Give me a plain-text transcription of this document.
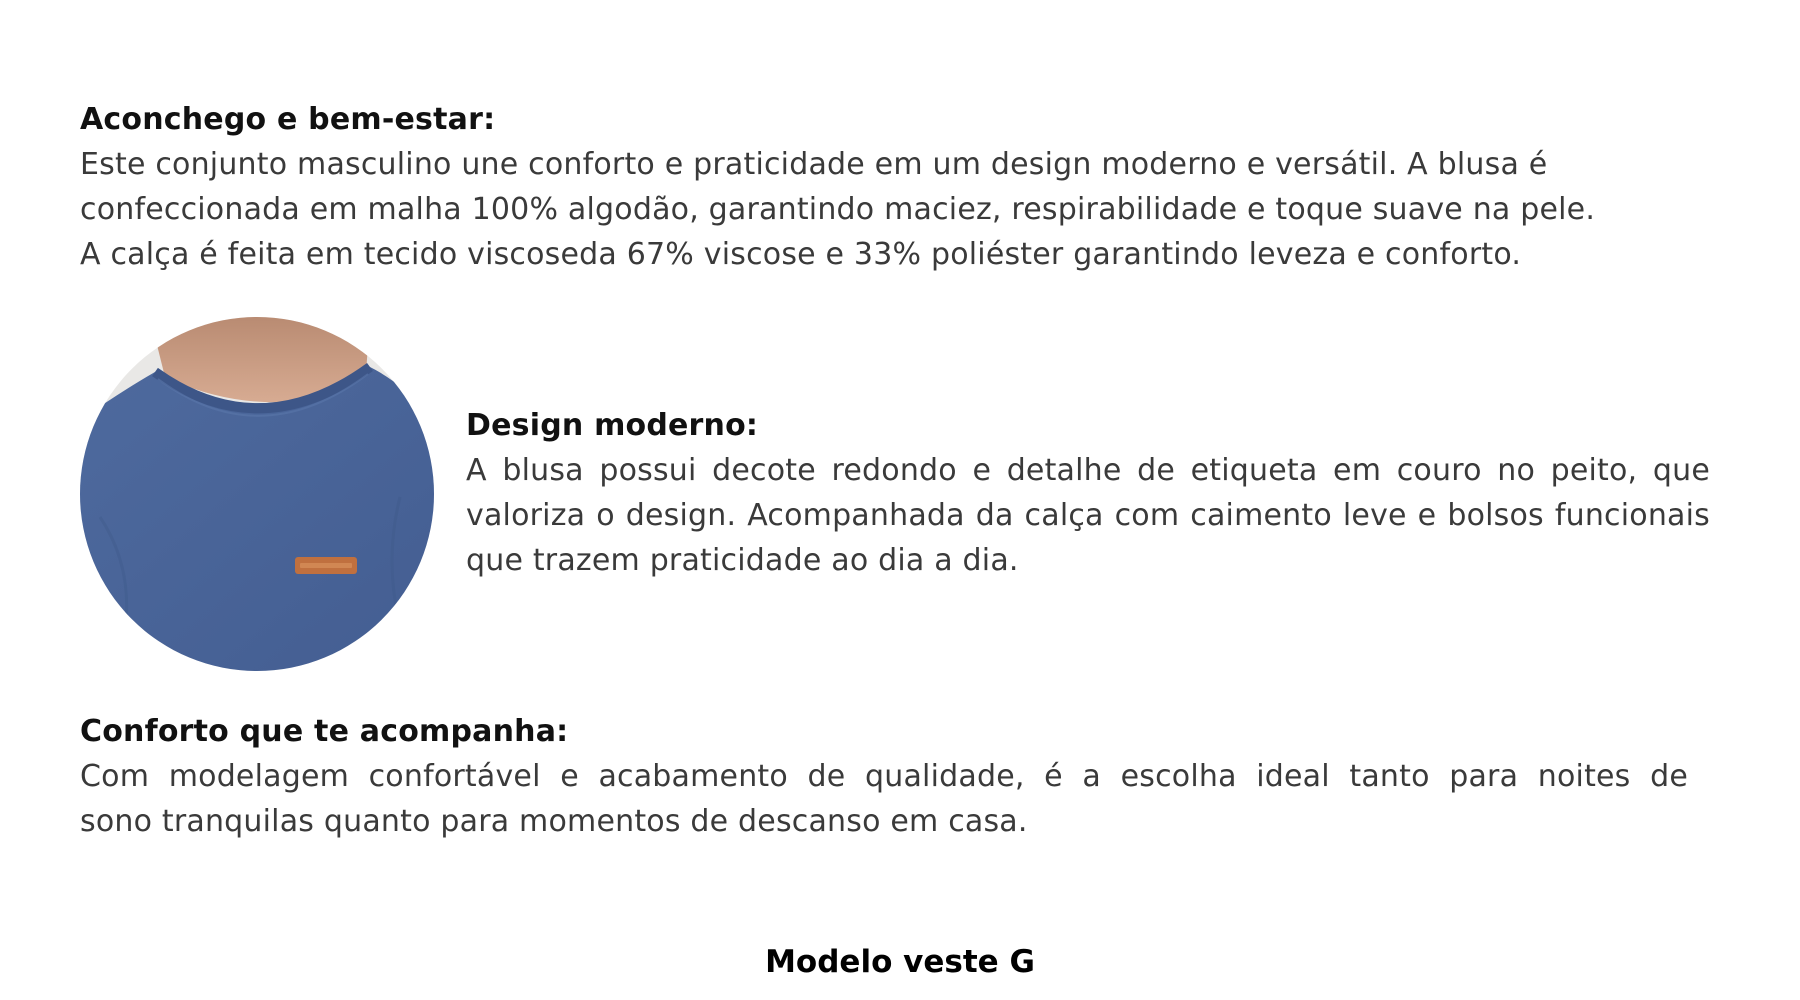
Aconchego e bem-estar:
Este conjunto masculino une conforto e praticidade em um design moderno e versátil. A blusa é
confeccionada em malha 100% algodão, garantindo maciez, respirabilidade e toque suave na pele.
A calça é feita em tecido viscoseda 67% viscose e 33% poliéster garantindo leveza e conforto.
Design moderno:
A blusa possui decote redondo e detalhe de etiqueta em couro no peito, que valoriza o design. Acompanhada da calça com caimento leve e bolsos funcionais que trazem praticidade ao dia a dia.
Conforto que te acompanha:
Com modelagem confortável e acabamento de qualidade, é a escolha ideal tanto para noites de
sono tranquilas quanto para momentos de descanso em casa.
Modelo veste G
